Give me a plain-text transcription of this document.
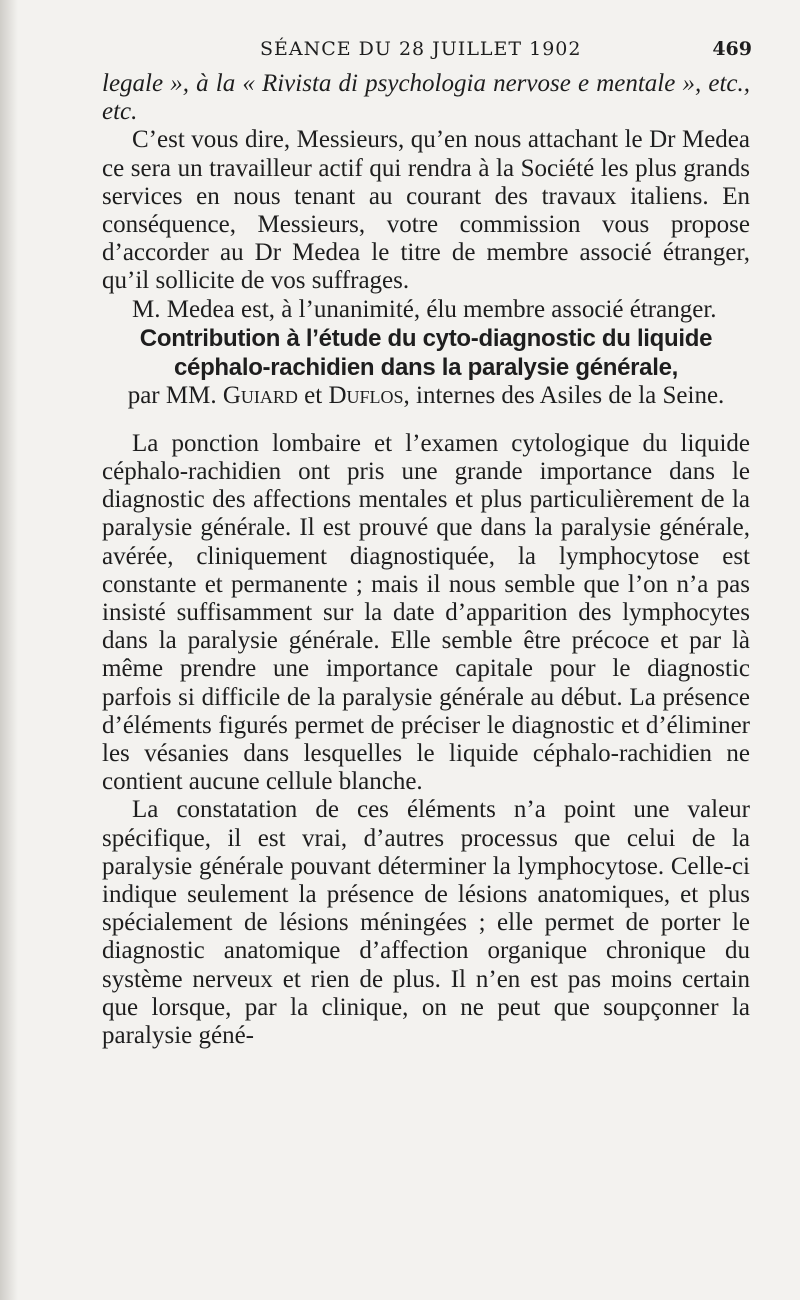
SÉANCE DU 28 JUILLET 1902	469

legale », à la « Rivista di psychologia nervose e mentale », etc., etc.

C’est vous dire, Messieurs, qu’en nous attachant le Dr Medea ce sera un travailleur actif qui rendra à la Société les plus grands services en nous tenant au courant des travaux italiens. En conséquence, Messieurs, votre commission vous propose d’accorder au Dr Medea le titre de membre associé étranger, qu’il sollicite de vos suffrages.

M. Medea est, à l’unanimité, élu membre associé étranger.

Contribution à l’étude du cyto-diagnostic du liquide céphalo-rachidien dans la paralysie générale,

par MM. Guiard et Duflos, internes des Asiles de la Seine.

La ponction lombaire et l’examen cytologique du liquide céphalo-rachidien ont pris une grande importance dans le diagnostic des affections mentales et plus particulièrement de la paralysie générale. Il est prouvé que dans la paralysie générale, avérée, cliniquement diagnostiquée, la lymphocytose est constante et permanente ; mais il nous semble que l’on n’a pas insisté suffisamment sur la date d’apparition des lymphocytes dans la paralysie générale. Elle semble être précoce et par là même prendre une importance capitale pour le diagnostic parfois si difficile de la paralysie générale au début. La présence d’éléments figurés permet de préciser le diagnostic et d’éliminer les vésanies dans lesquelles le liquide céphalo-rachidien ne contient aucune cellule blanche.

La constatation de ces éléments n’a point une valeur spécifique, il est vrai, d’autres processus que celui de la paralysie générale pouvant déterminer la lymphocytose. Celle-ci indique seulement la présence de lésions anatomiques, et plus spécialement de lésions méningées ; elle permet de porter le diagnostic anatomique d’affection organique chronique du système nerveux et rien de plus. Il n’en est pas moins certain que lorsque, par la clinique, on ne peut que soupçonner la paralysie géné-
